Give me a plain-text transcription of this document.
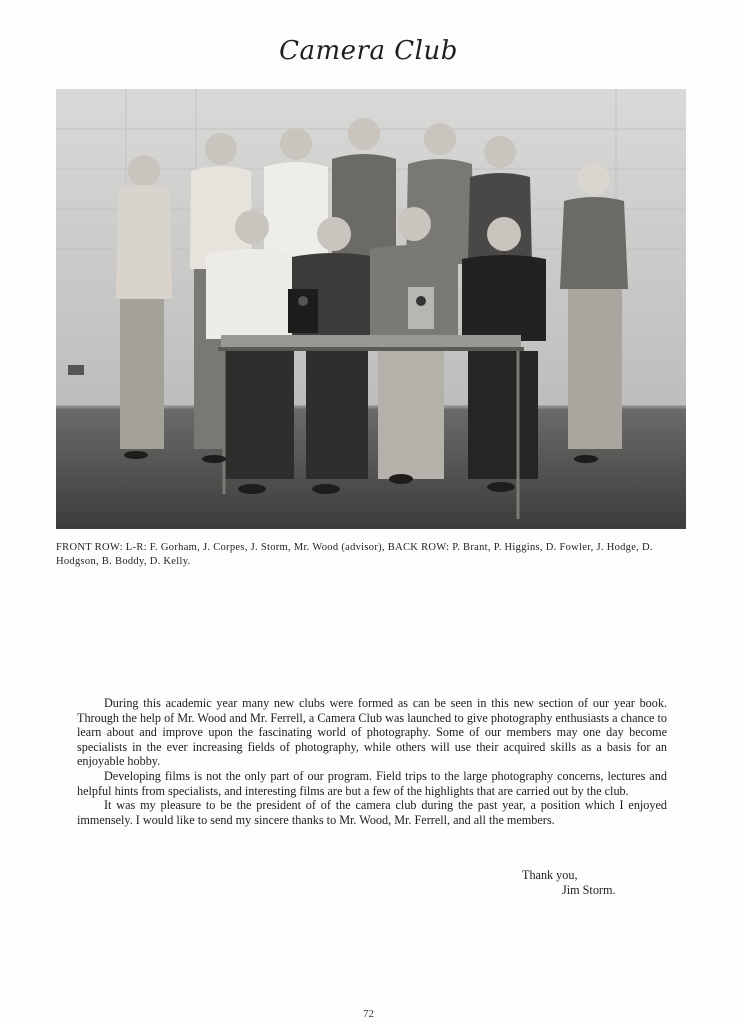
Camera Club
FRONT ROW: L-R: F. Gorham, J. Corpes, J. Storm, Mr. Wood (advisor), BACK ROW: P. Brant, P. Higgins, D. Fowler, J. Hodge, D. Hodgson, B. Boddy, D. Kelly.

During this academic year many new clubs were formed as can be seen in this new section of our year book. Through the help of Mr. Wood and Mr. Ferrell, a Camera Club was launched to give photography enthusiasts a chance to learn about and improve upon the fascinating world of photography. Some of our members may one day become specialists in the ever increasing fields of photography, while others will use their acquired skills as a basis for an enjoyable hobby.

Developing films is not the only part of our program. Field trips to the large photography concerns, lectures and helpful hints from specialists, and interesting films are but a few of the highlights that are carried out by the club.

It was my pleasure to be the president of of the camera club during the past year, a position which I enjoyed immensely. I would like to send my sincere thanks to Mr. Wood, Mr. Ferrell, and all the members.

Thank you,
Jim Storm.
72
